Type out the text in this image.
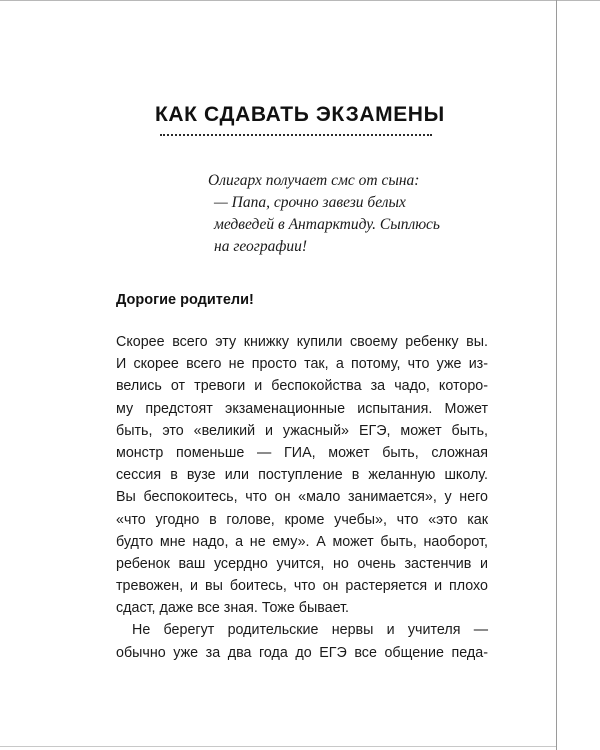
КАК СДАВАТЬ ЭКЗАМЕНЫ
Олигарх получает смс от сына:
— Папа, срочно завези белых
медведей в Антарктиду. Сыплюсь
на географии!
Дорогие родители!
Скорее всего эту книжку купили своему ребенку вы.
И скорее всего не просто так, а потому, что уже из-
велись от тревоги и беспокойства за чадо, которо-
му предстоят экзаменационные испытания. Может
быть, это «великий и ужасный» ЕГЭ, может быть,
монстр поменьше — ГИА, может быть, сложная
сессия в вузе или поступление в желанную школу.
Вы беспокоитесь, что он «мало занимается», у него
«что угодно в голове, кроме учебы», что «это как
будто мне надо, а не ему». А может быть, наоборот,
ребенок ваш усердно учится, но очень застенчив и
тревожен, и вы боитесь, что он растеряется и плохо
сдаст, даже все зная. Тоже бывает.
Не берегут родительские нервы и учителя —
обычно уже за два года до ЕГЭ все общение педа-
